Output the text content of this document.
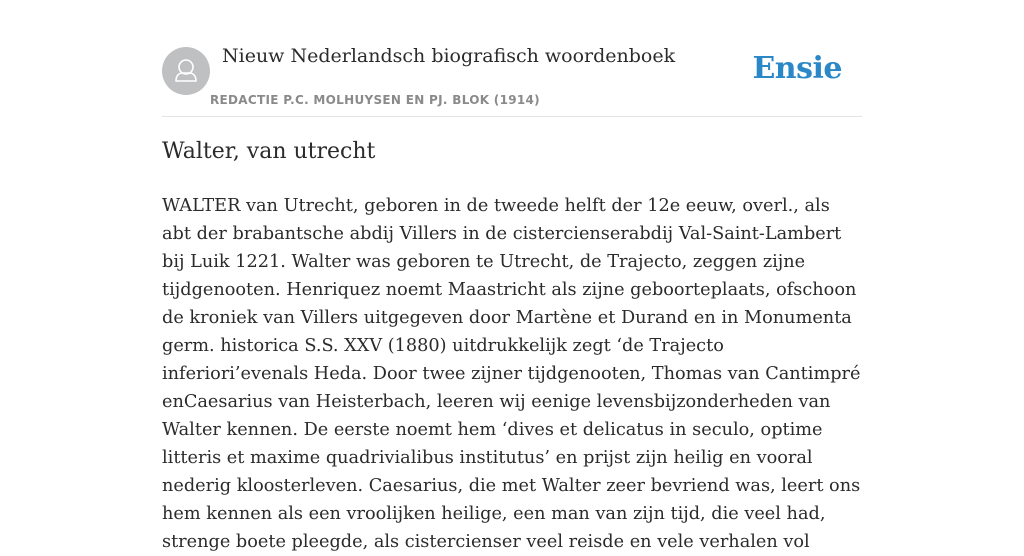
Nieuw Nederlandsch biografisch woordenboek
REDACTIE P.C. MOLHUYSEN EN PJ. BLOK (1914)
Ensie
Walter, van utrecht

WALTER van Utrecht, geboren in de tweede helft der 12e eeuw, overl., als abt der brabantsche abdij Villers in de cistercienserabdij Val-Saint-Lambert bij Luik 1221. Walter was geboren te Utrecht, de Trajecto, zeggen zijne tijdgenooten. Henriquez noemt Maastricht als zijne geboorteplaats, ofschoon de kroniek van Villers uitgegeven door Martène et Durand en in Monumenta germ. historica S.S. XXV (1880) uitdrukkelijk zegt ‘de Trajecto inferiori’evenals Heda. Door twee zijner tijdgenooten, Thomas van Cantimpré enCaesarius van Heisterbach, leeren wij eenige levensbijzonderheden van Walter kennen. De eerste noemt hem ‘dives et delicatus in seculo, optime litteris et maxime quadrivialibus institutus’ en prijst zijn heilig en vooral nederig kloosterleven. Caesarius, die met Walter zeer bevriend was, leert ons hem kennen als een vroolijken heilige, een man van zijn tijd, die veel had, strenge boete pleegde, als cistercienser veel reisde en vele verhalen vol
